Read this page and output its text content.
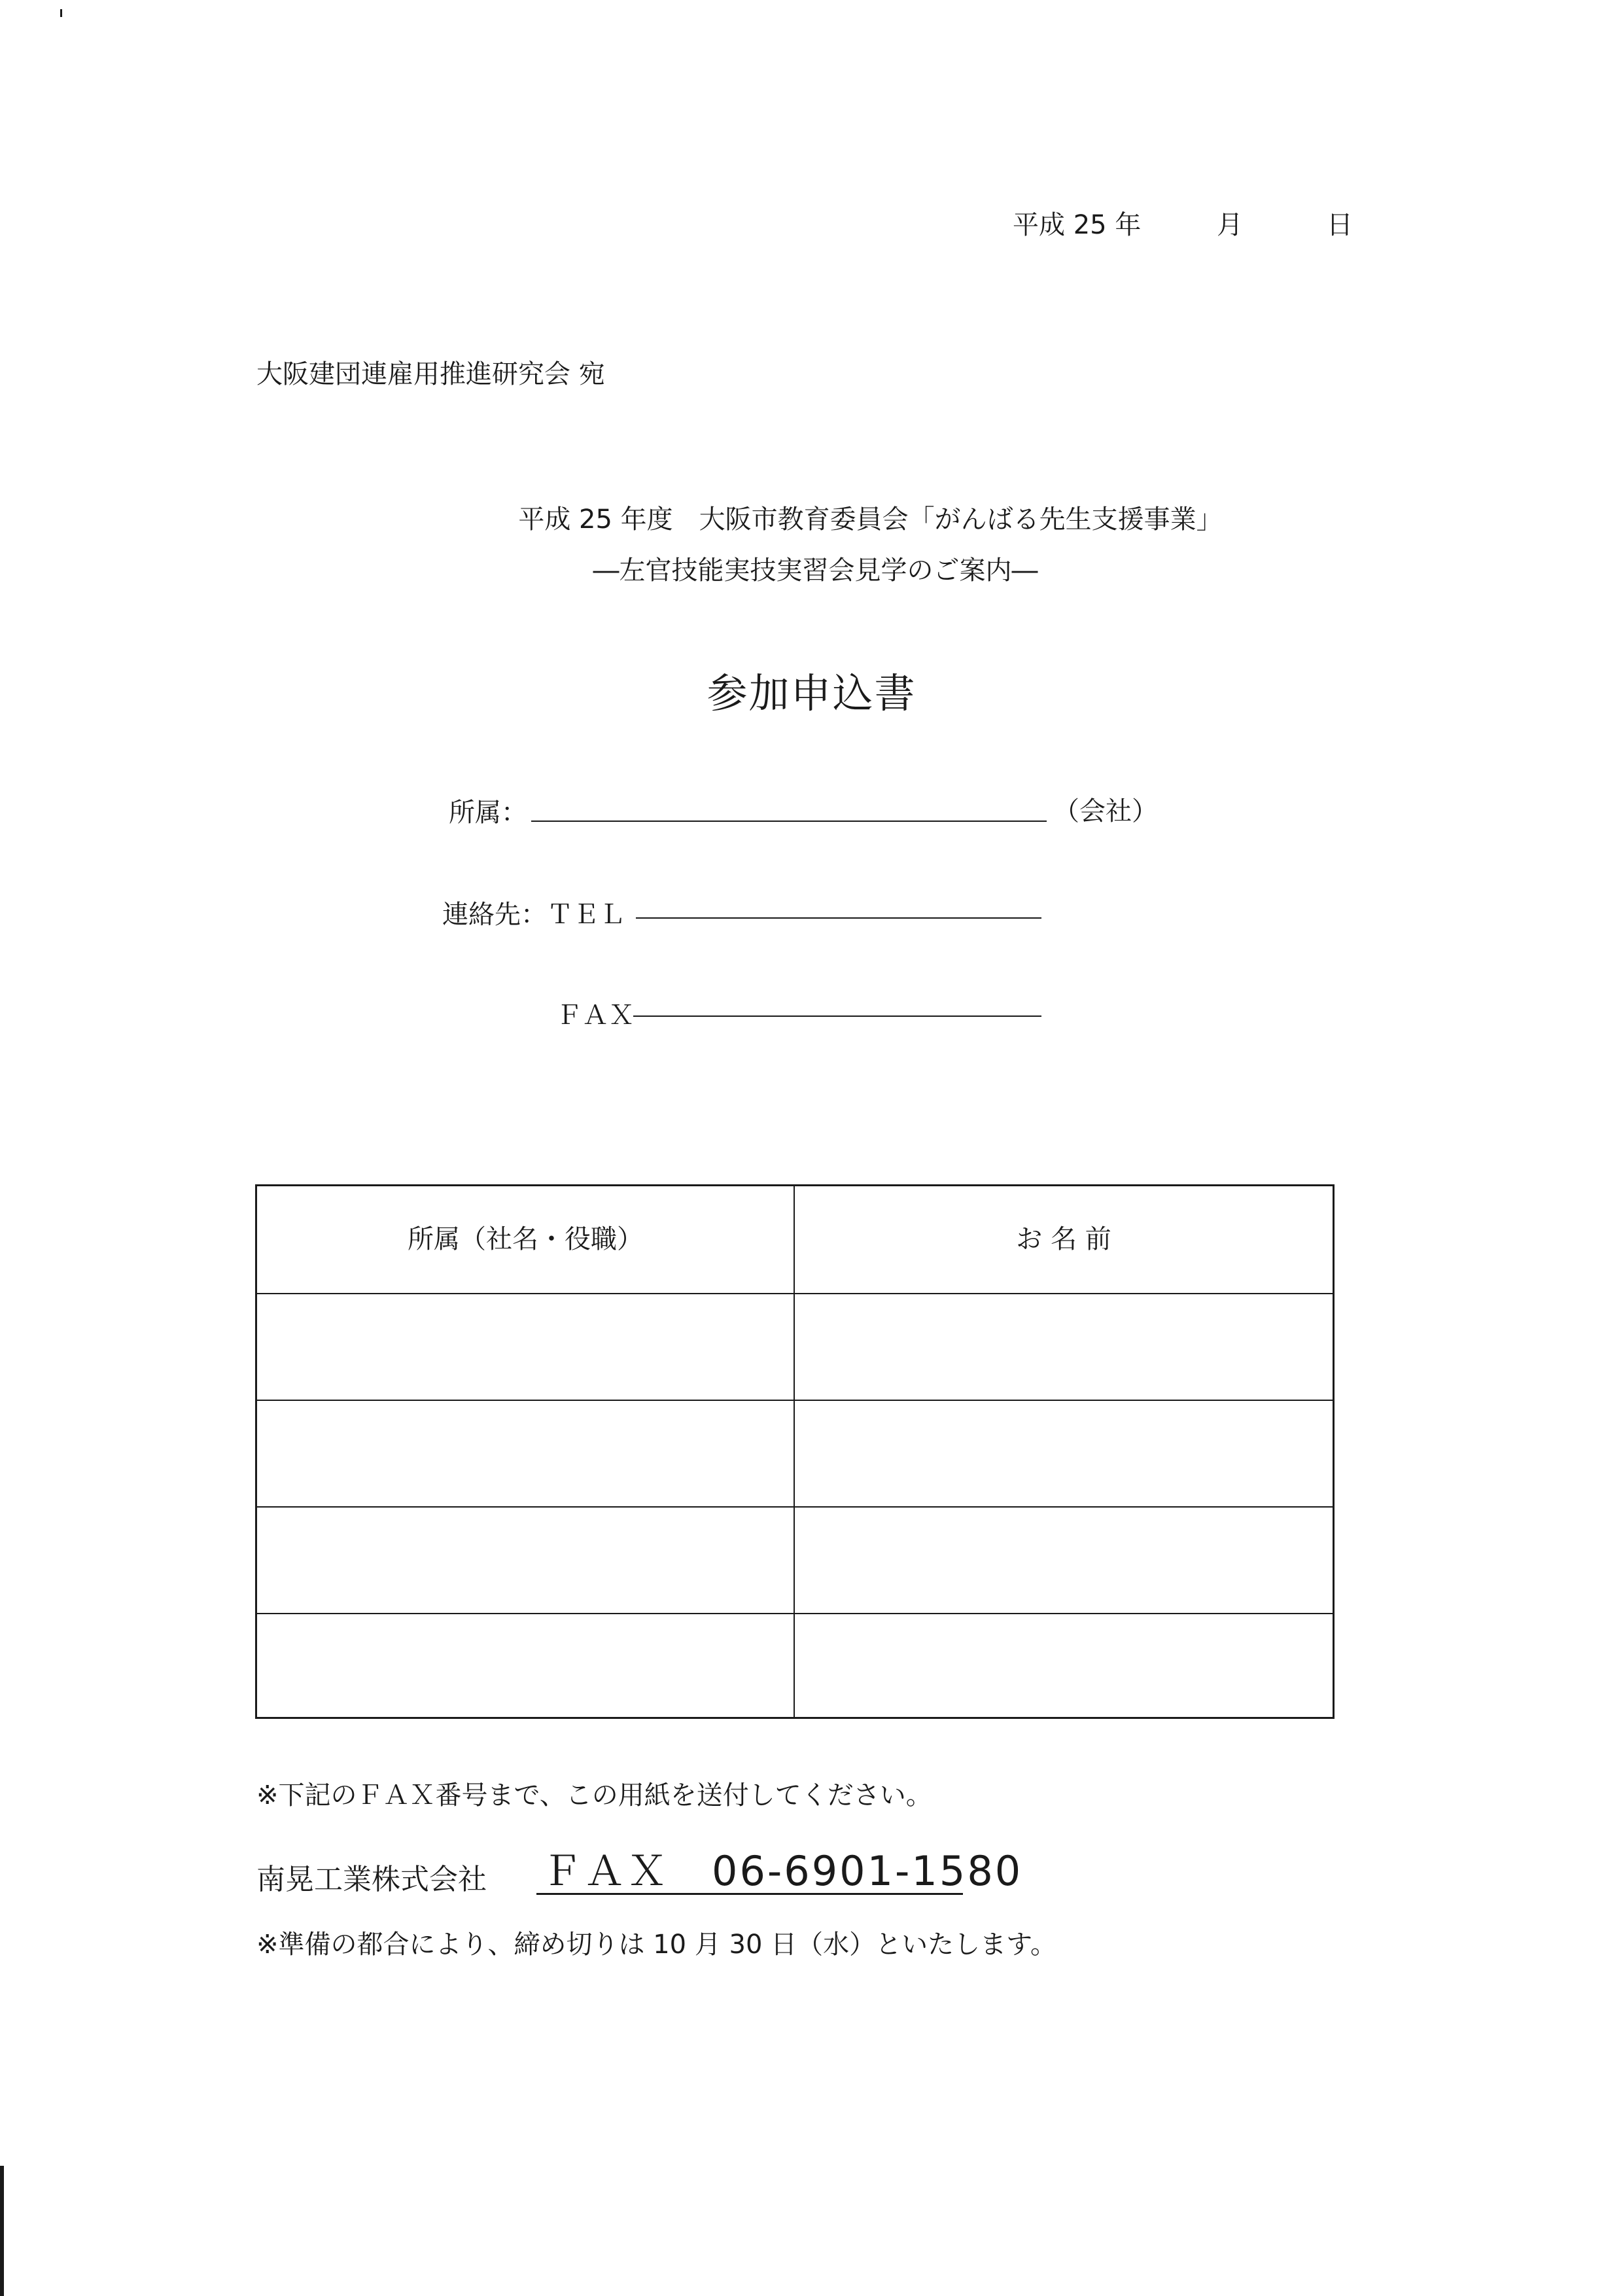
平成 25 年	月	日
大阪建団連雇用推進研究会 宛
平成 25 年度　大阪市教育委員会「がんばる先生支援事業」
―左官技能実技実習会見学のご案内―
参加申込書
所属：	（会社）
連絡先：ＴＥＬ
ＦＡＸ
所属（社名・役職）	お 名 前
※下記のＦＡＸ番号まで、この用紙を送付してください。
南晃工業株式会社 ＦＡＸ　06-6901-1580
※準備の都合により、締め切りは 10 月 30 日（水）といたします。
